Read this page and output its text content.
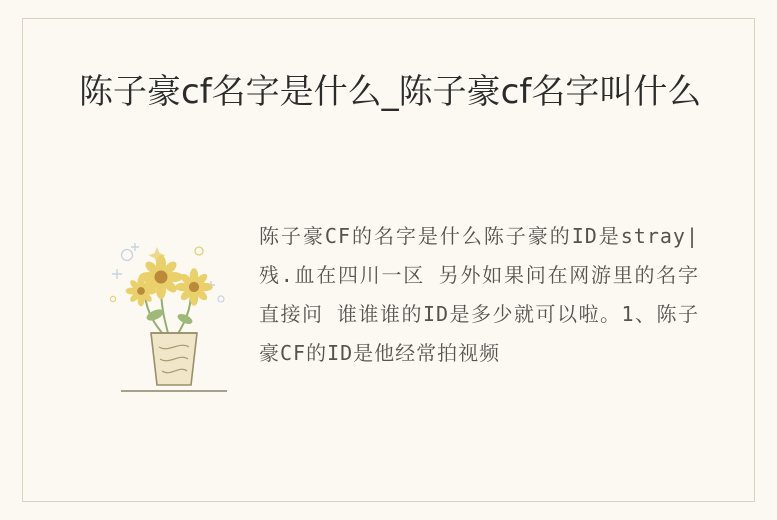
陈子豪cf名字是什么_陈子豪cf名字叫什么
陈子豪CF的名字是什么陈子豪的ID是stray|残.血在四川一区 另外如果问在网游里的名字直接问 谁谁谁的ID是多少就可以啦。1、陈子豪CF的ID是他经常拍视频
